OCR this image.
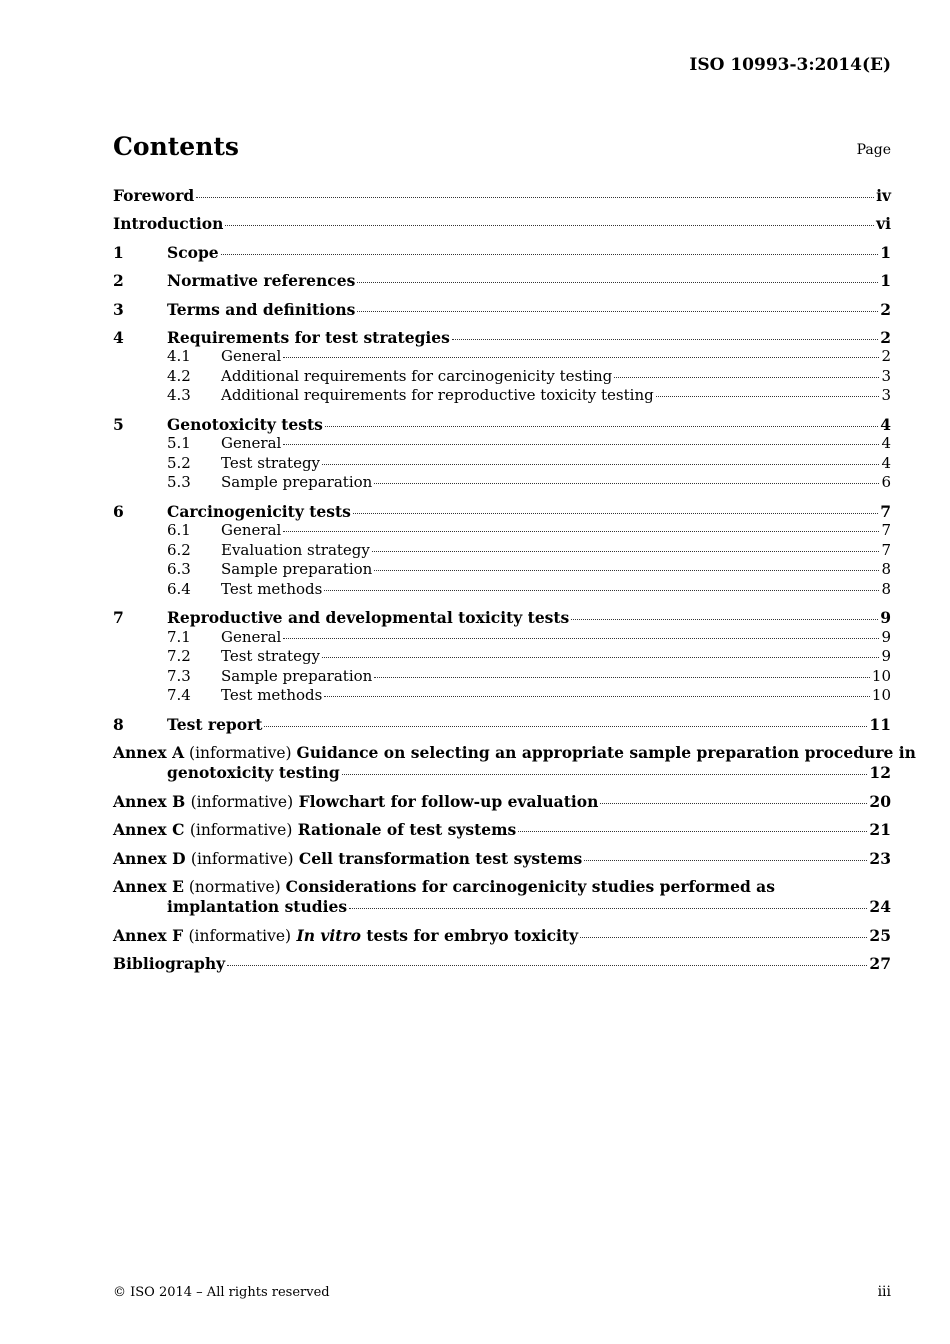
ISO 10993-3:2014(E)
Contents	Page
Foreword	iv
Introduction	vi
1	Scope	1
2	Normative references	1
3	Terms and definitions	2
4	Requirements for test strategies	2
4.1	General	2
4.2	Additional requirements for carcinogenicity testing	3
4.3	Additional requirements for reproductive toxicity testing	3
5	Genotoxicity tests	4
5.1	General	4
5.2	Test strategy	4
5.3	Sample preparation	6
6	Carcinogenicity tests	7
6.1	General	7
6.2	Evaluation strategy	7
6.3	Sample preparation	8
6.4	Test methods	8
7	Reproductive and developmental toxicity tests	9
7.1	General	9
7.2	Test strategy	9
7.3	Sample preparation	10
7.4	Test methods	10
8	Test report	11
Annex A (informative) Guidance on selecting an appropriate sample preparation procedure in
genotoxicity testing	12
Annex B (informative) Flowchart for follow-up evaluation	20
Annex C (informative) Rationale of test systems	21
Annex D (informative) Cell transformation test systems	23
Annex E (normative) Considerations for carcinogenicity studies performed as
implantation studies	24
Annex F (informative) In vitro tests for embryo toxicity	25
Bibliography	27
© ISO 2014 – All rights reserved	iii
